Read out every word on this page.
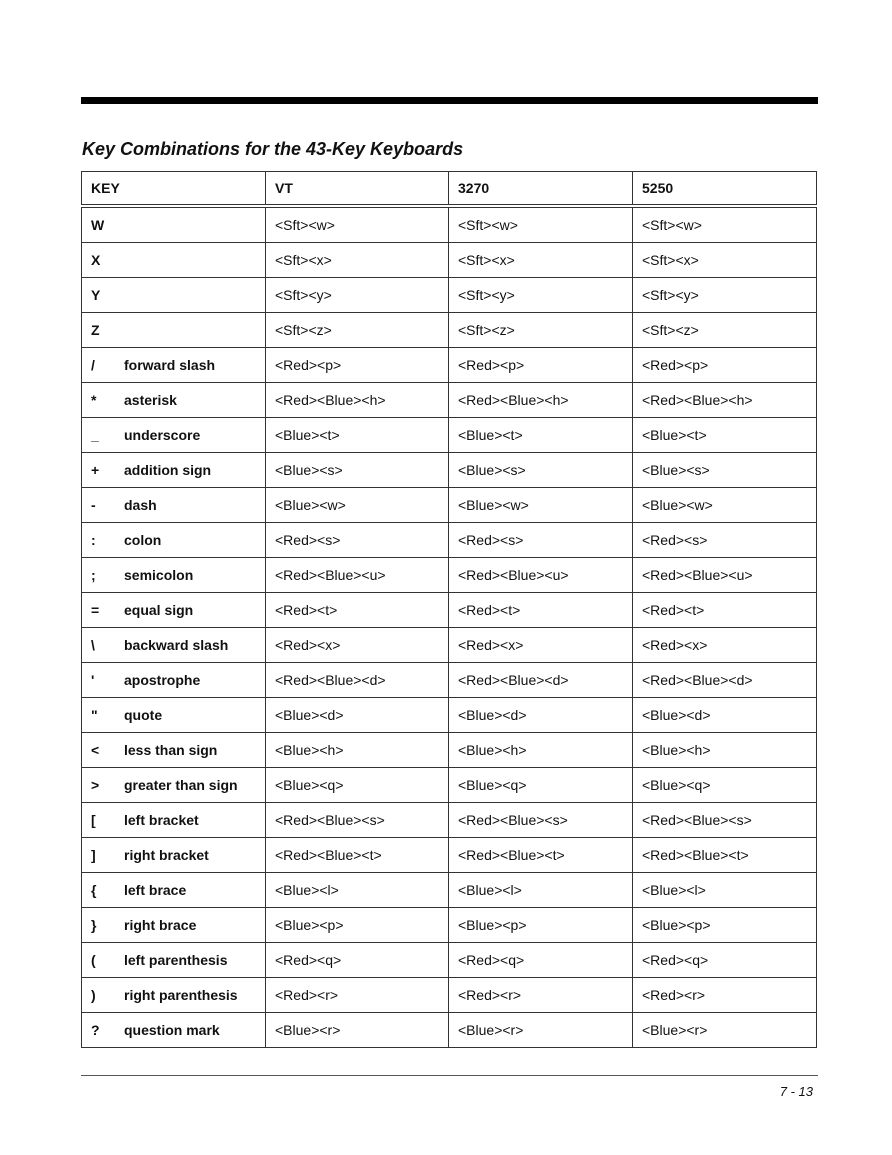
Key Combinations for the 43-Key Keyboards
KEY	VT	3270	5250
W	<Sft><w>	<Sft><w>	<Sft><w>
X	<Sft><x>	<Sft><x>	<Sft><x>
Y	<Sft><y>	<Sft><y>	<Sft><y>
Z	<Sft><z>	<Sft><z>	<Sft><z>
/ forward slash	<Red><p>	<Red><p>	<Red><p>
* asterisk	<Red><Blue><h>	<Red><Blue><h>	<Red><Blue><h>
_ underscore	<Blue><t>	<Blue><t>	<Blue><t>
+ addition sign	<Blue><s>	<Blue><s>	<Blue><s>
- dash	<Blue><w>	<Blue><w>	<Blue><w>
: colon	<Red><s>	<Red><s>	<Red><s>
; semicolon	<Red><Blue><u>	<Red><Blue><u>	<Red><Blue><u>
= equal sign	<Red><t>	<Red><t>	<Red><t>
\ backward slash	<Red><x>	<Red><x>	<Red><x>
' apostrophe	<Red><Blue><d>	<Red><Blue><d>	<Red><Blue><d>
" quote	<Blue><d>	<Blue><d>	<Blue><d>
< less than sign	<Blue><h>	<Blue><h>	<Blue><h>
> greater than sign	<Blue><q>	<Blue><q>	<Blue><q>
[ left bracket	<Red><Blue><s>	<Red><Blue><s>	<Red><Blue><s>
] right bracket	<Red><Blue><t>	<Red><Blue><t>	<Red><Blue><t>
{ left brace	<Blue><l>	<Blue><l>	<Blue><l>
} right brace	<Blue><p>	<Blue><p>	<Blue><p>
( left parenthesis	<Red><q>	<Red><q>	<Red><q>
) right parenthesis	<Red><r>	<Red><r>	<Red><r>
? question mark	<Blue><r>	<Blue><r>	<Blue><r>
7 - 13
